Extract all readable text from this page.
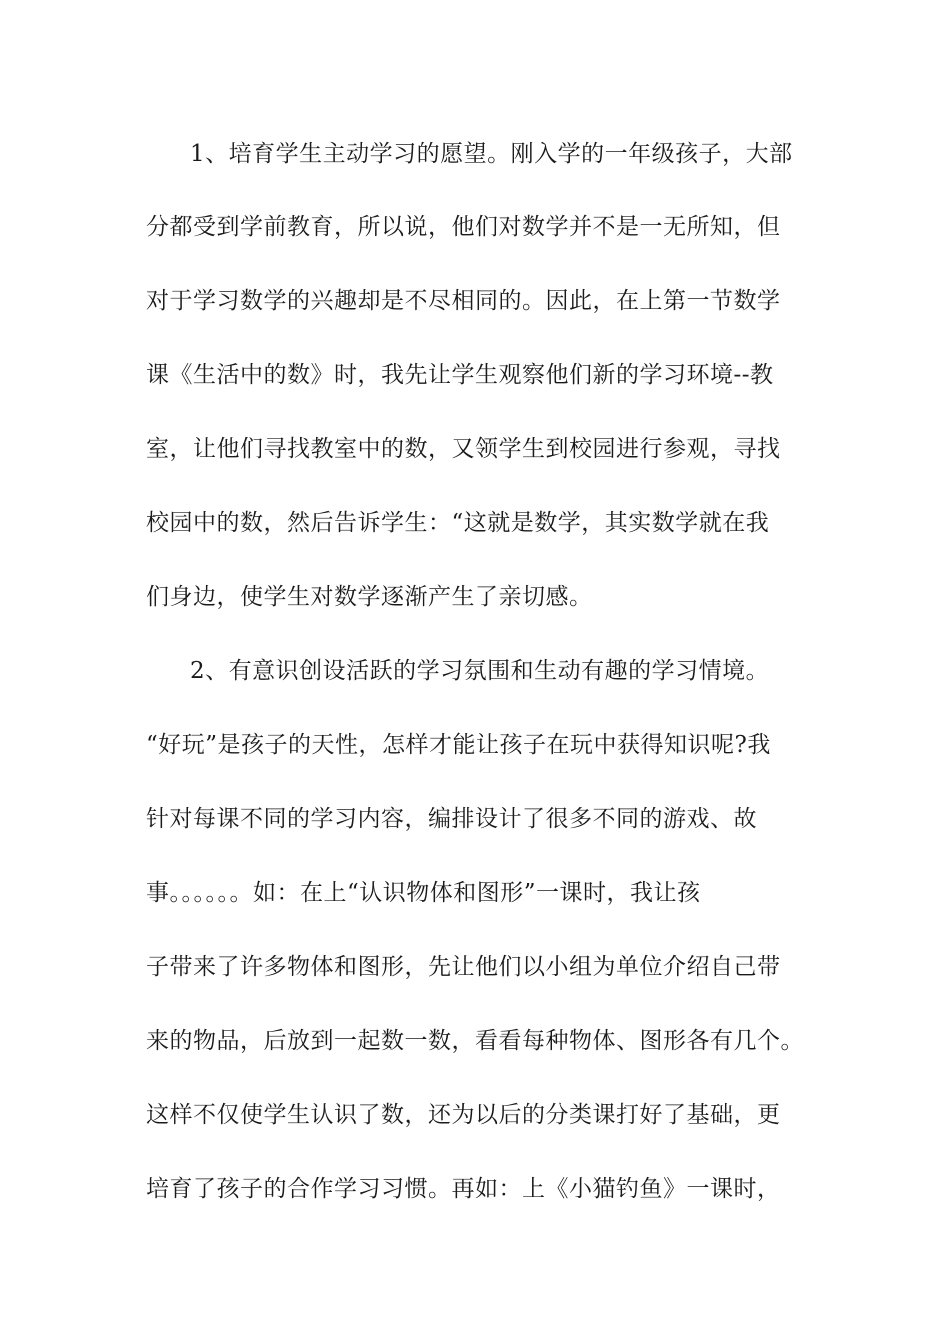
1、培育学生主动学习的愿望。刚入学的一年级孩子，大部
分都受到学前教育，所以说，他们对数学并不是一无所知，但
对于学习数学的兴趣却是不尽相同的。因此，在上第一节数学
课《生活中的数》时，我先让学生观察他们新的学习环境--教
室，让他们寻找教室中的数，又领学生到校园进行参观，寻找
校园中的数，然后告诉学生：“这就是数学，其实数学就在我
们身边，使学生对数学逐渐产生了亲切感。
2、有意识创设活跃的学习氛围和生动有趣的学习情境。
“好玩”是孩子的天性，怎样才能让孩子在玩中获得知识呢?我
针对每课不同的学习内容，编排设计了很多不同的游戏、故
事。。。。。。如：在上“认识物体和图形”一课时，我让孩
子带来了许多物体和图形，先让他们以小组为单位介绍自己带
来的物品，后放到一起数一数，看看每种物体、图形各有几个。
这样不仅使学生认识了数，还为以后的分类课打好了基础，更
培育了孩子的合作学习习惯。再如：上《小猫钓鱼》一课时，
